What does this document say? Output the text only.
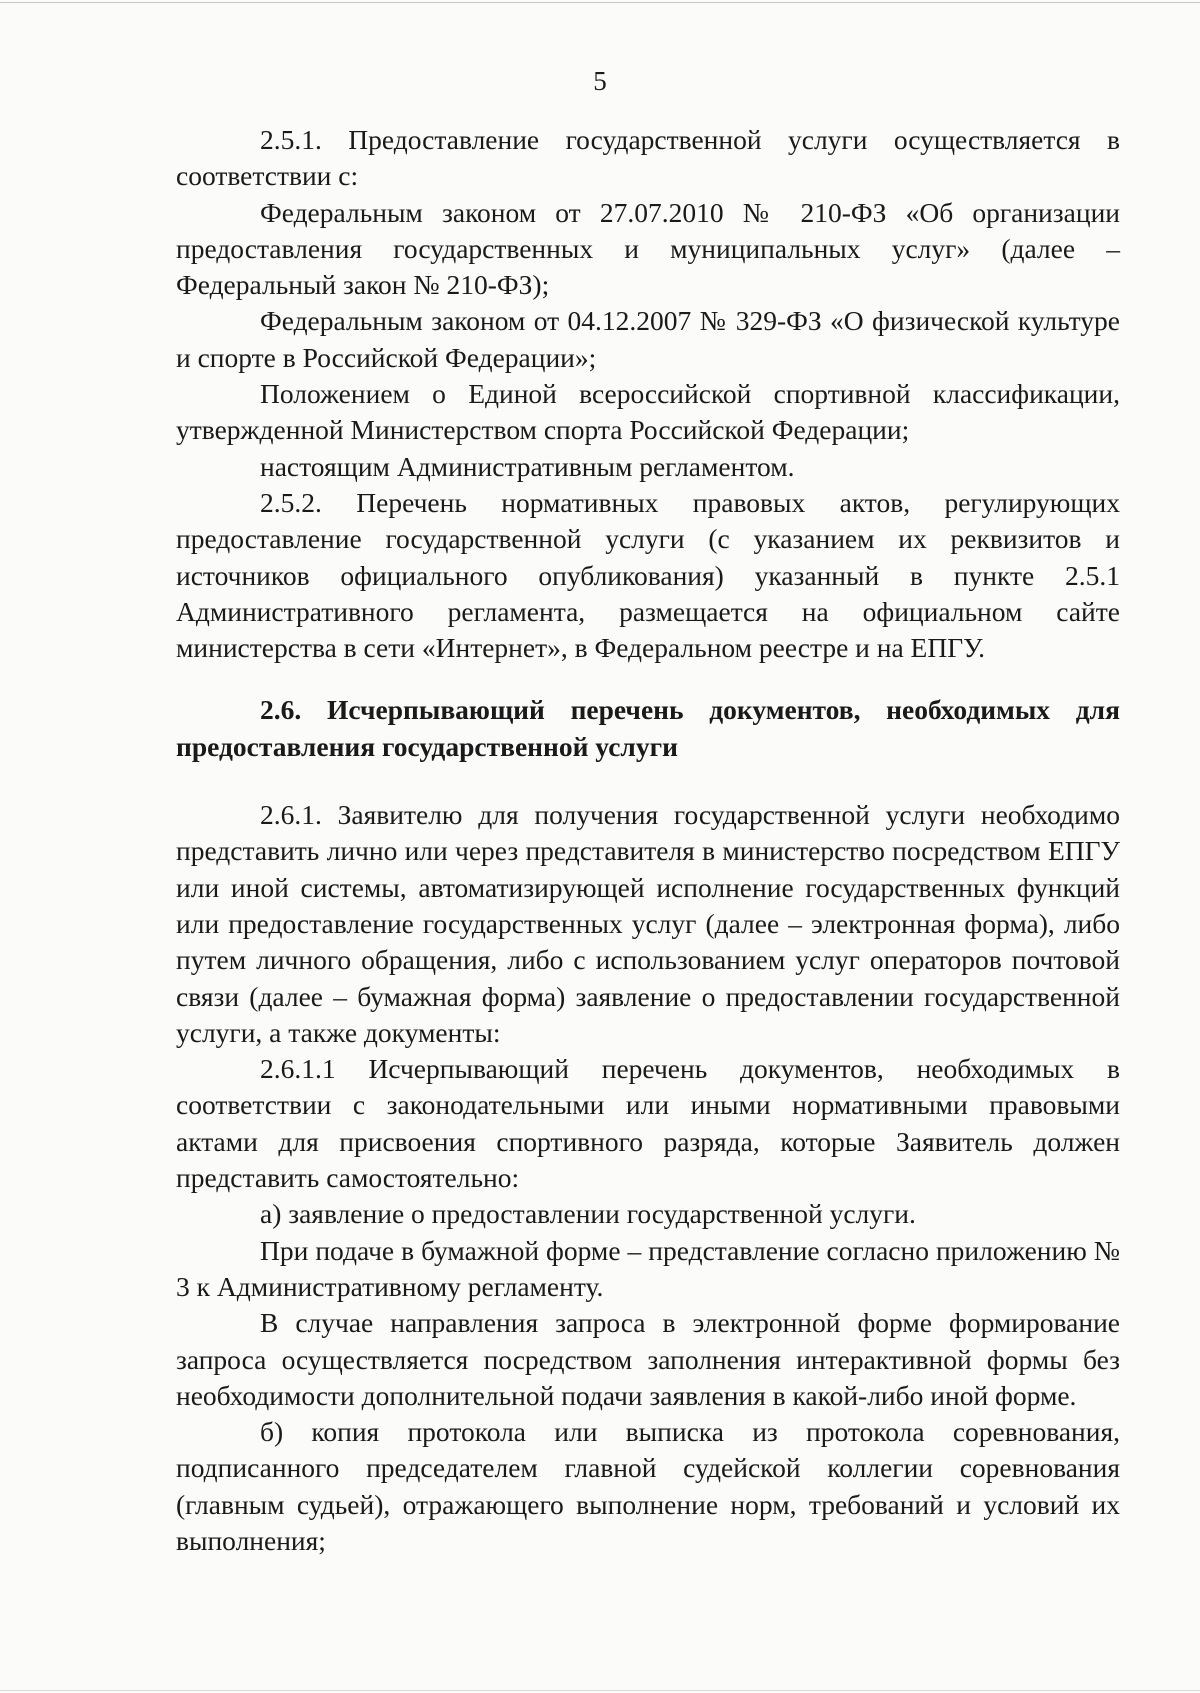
5

2.5.1. Предоставление государственной услуги осуществляется в соответствии с:

Федеральным законом от 27.07.2010 № 210-ФЗ «Об организации предоставления государственных и муниципальных услуг» (далее – Федеральный закон № 210-ФЗ);

Федеральным законом от 04.12.2007 № 329-ФЗ «О физической культуре и спорте в Российской Федерации»;

Положением о Единой всероссийской спортивной классификации, утвержденной Министерством спорта Российской Федерации;

настоящим Административным регламентом.

2.5.2. Перечень нормативных правовых актов, регулирующих предоставление государственной услуги (с указанием их реквизитов и источников официального опубликования) указанный в пункте 2.5.1 Административного регламента, размещается на официальном сайте министерства в сети «Интернет», в Федеральном реестре и на ЕПГУ.

2.6. Исчерпывающий перечень документов, необходимых для предоставления государственной услуги

2.6.1. Заявителю для получения государственной услуги необходимо представить лично или через представителя в министерство посредством ЕПГУ или иной системы, автоматизирующей исполнение государственных функций или предоставление государственных услуг (далее – электронная форма), либо путем личного обращения, либо с использованием услуг операторов почтовой связи (далее – бумажная форма) заявление о предоставлении государственной услуги, а также документы:

2.6.1.1 Исчерпывающий перечень документов, необходимых в соответствии с законодательными или иными нормативными правовыми актами для присвоения спортивного разряда, которые Заявитель должен представить самостоятельно:

а) заявление о предоставлении государственной услуги.

При подаче в бумажной форме – представление согласно приложению № 3 к Административному регламенту.

В случае направления запроса в электронной форме формирование запроса осуществляется посредством заполнения интерактивной формы без необходимости дополнительной подачи заявления в какой-либо иной форме.

б) копия протокола или выписка из протокола соревнования, подписанного председателем главной судейской коллегии соревнования (главным судьей), отражающего выполнение норм, требований и условий их выполнения;
